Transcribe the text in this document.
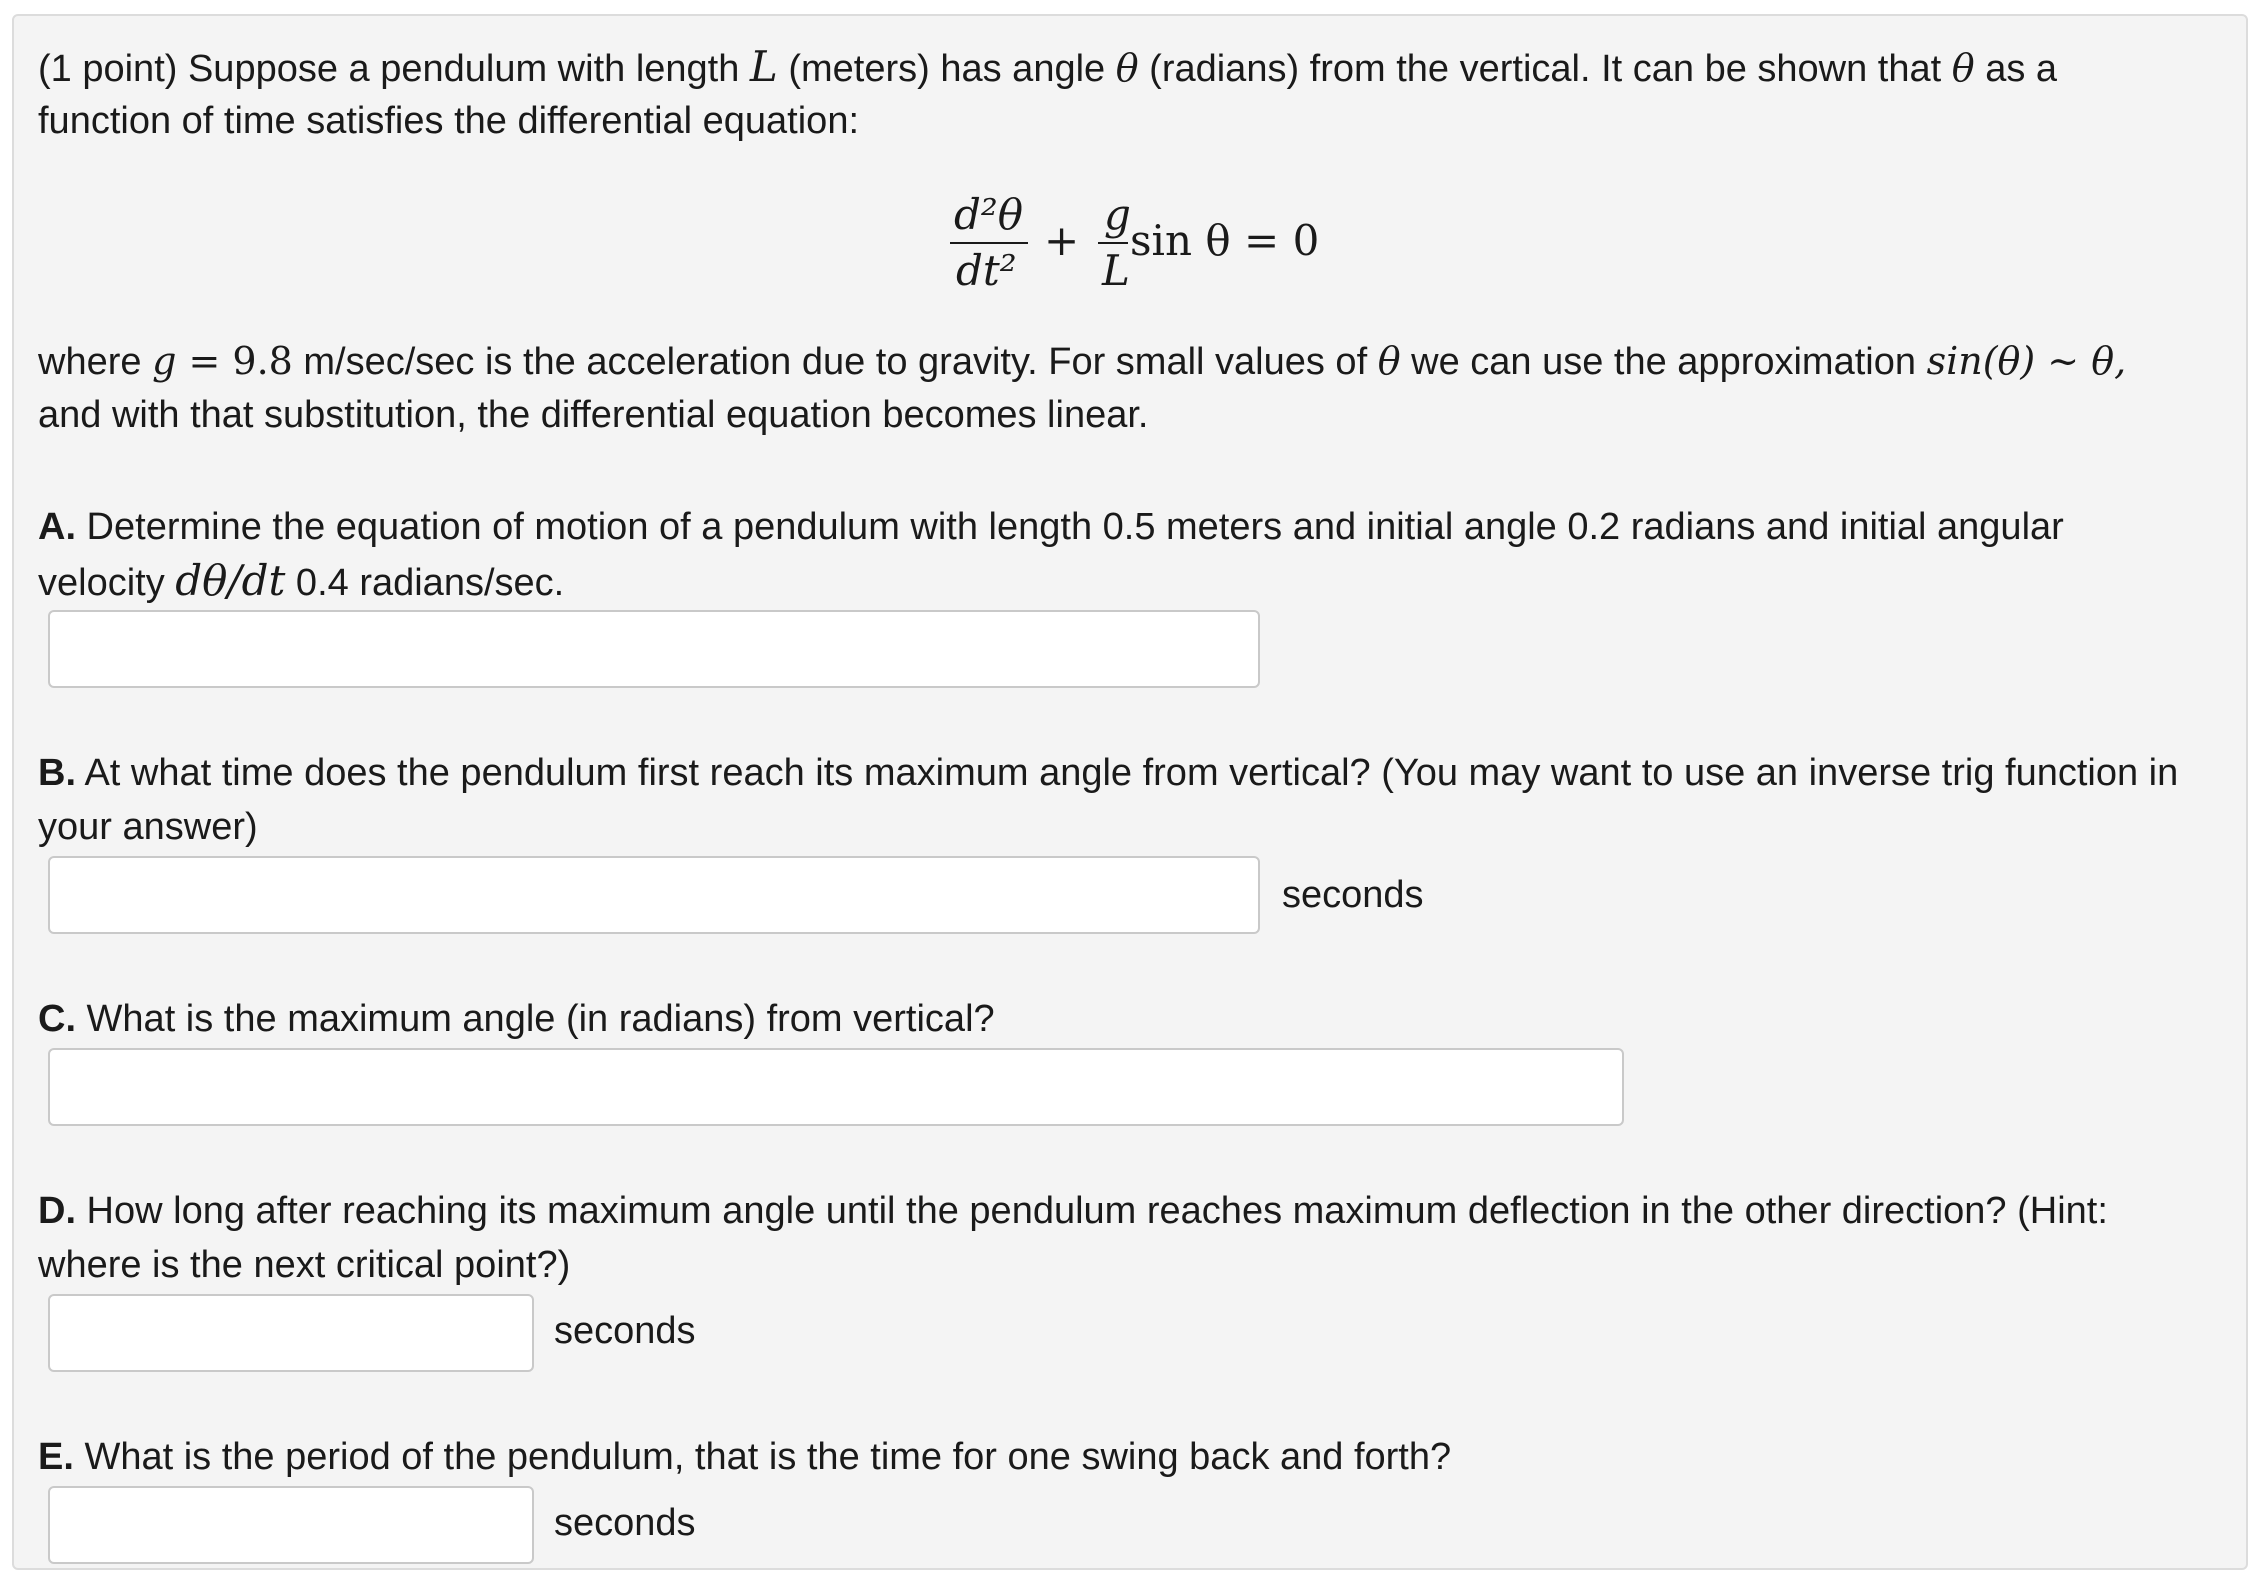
(1 point) Suppose a pendulum with length L (meters) has angle θ (radians) from the vertical. It can be shown that θ as a
function of time satisfies the differential equation:
d²θ
dt²
+
g
L
sin θ = 0
where g = 9.8 m/sec/sec is the acceleration due to gravity. For small values of θ we can use the approximation sin(θ) ∼ θ,
and with that substitution, the differential equation becomes linear.
A. Determine the equation of motion of a pendulum with length 0.5 meters and initial angle 0.2 radians and initial angular
velocity dθ/dt 0.4 radians/sec.
B. At what time does the pendulum first reach its maximum angle from vertical? (You may want to use an inverse trig function in
your answer)
seconds
C. What is the maximum angle (in radians) from vertical?
D. How long after reaching its maximum angle until the pendulum reaches maximum deflection in the other direction? (Hint:
where is the next critical point?)
seconds
E. What is the period of the pendulum, that is the time for one swing back and forth?
seconds
